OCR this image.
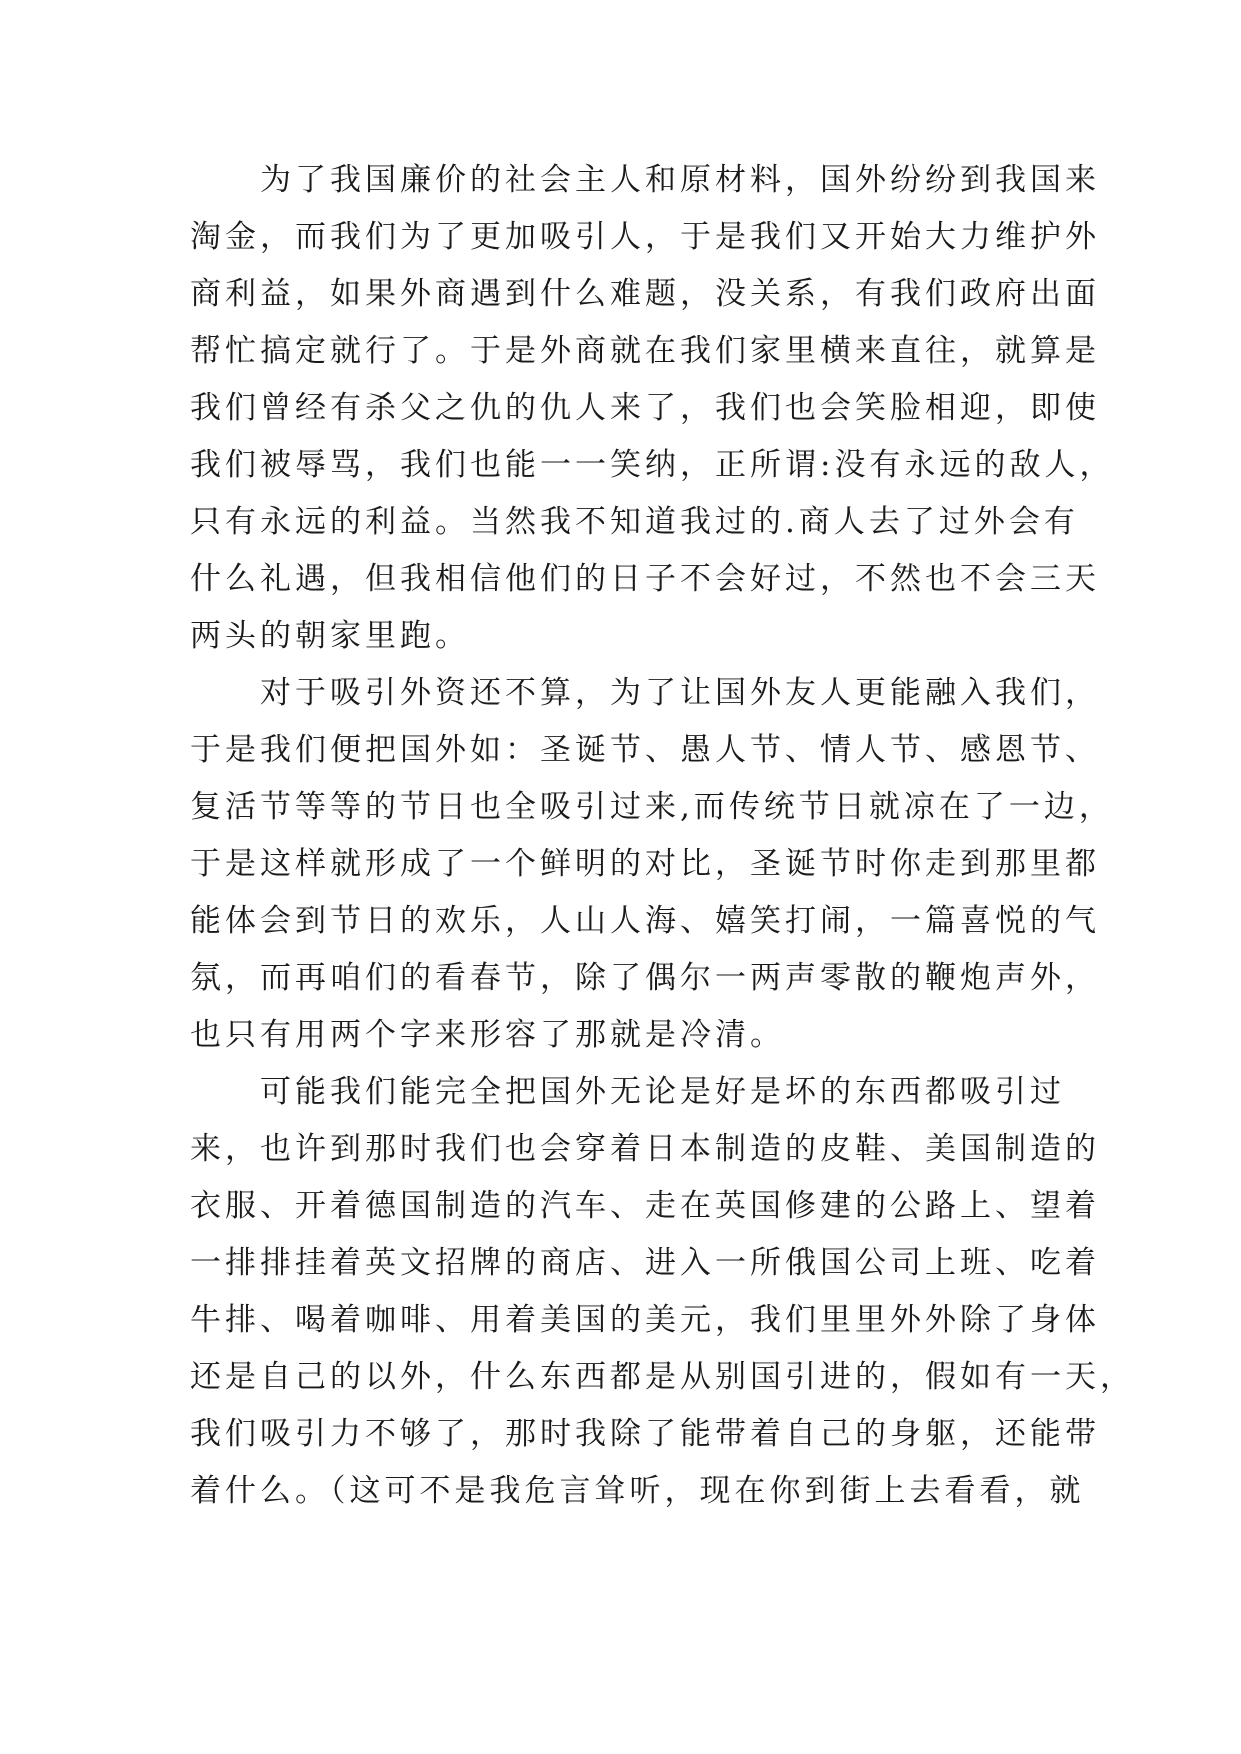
为了我国廉价的社会主人和原材料，国外纷纷到我国来
淘金，而我们为了更加吸引人，于是我们又开始大力维护外
商利益，如果外商遇到什么难题，没关系，有我们政府出面
帮忙搞定就行了。于是外商就在我们家里横来直往，就算是
我们曾经有杀父之仇的仇人来了，我们也会笑脸相迎，即使
我们被辱骂，我们也能一一笑纳，正所谓:没有永远的敌人，
只有永远的利益。当然我不知道我过的.商人去了过外会有
什么礼遇，但我相信他们的日子不会好过，不然也不会三天
两头的朝家里跑。
对于吸引外资还不算，为了让国外友人更能融入我们，
于是我们便把国外如：圣诞节、愚人节、情人节、感恩节、
复活节等等的节日也全吸引过来,而传统节日就凉在了一边，
于是这样就形成了一个鲜明的对比，圣诞节时你走到那里都
能体会到节日的欢乐，人山人海、嬉笑打闹，一篇喜悦的气
氛，而再咱们的看春节，除了偶尔一两声零散的鞭炮声外，
也只有用两个字来形容了那就是冷清。
可能我们能完全把国外无论是好是坏的东西都吸引过
来，也许到那时我们也会穿着日本制造的皮鞋、美国制造的
衣服、开着德国制造的汽车、走在英国修建的公路上、望着
一排排挂着英文招牌的商店、进入一所俄国公司上班、吃着
牛排、喝着咖啡、用着美国的美元，我们里里外外除了身体
还是自己的以外，什么东西都是从别国引进的，假如有一天，
我们吸引力不够了，那时我除了能带着自己的身躯，还能带
着什么。（这可不是我危言耸听，现在你到街上去看看，就
